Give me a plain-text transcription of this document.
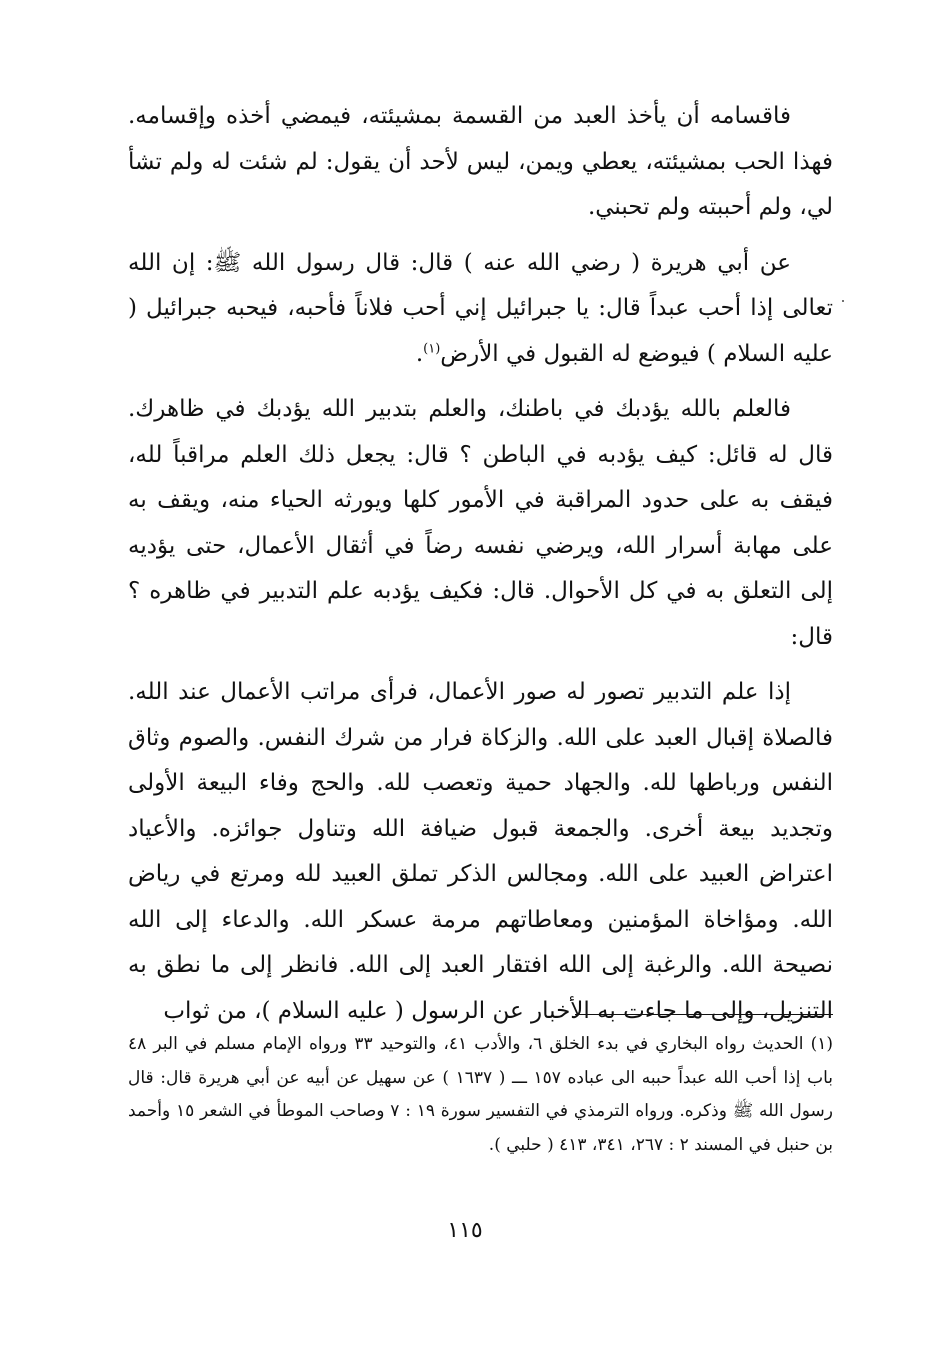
فاقسامه أن يأخذ العبد من القسمة بمشيئته، فيمضي أخذه وإقسامه. فهذا الحب بمشيئته، يعطي ويمن، ليس لأحد أن يقول: لم شئت له ولم تشأ لي، ولم أحببته ولم تحبني.

عن أبي هريرة ( رضي الله عنه ) قال: قال رسول الله ﷺ: إن الله تعالى إذا أحب عبداً قال: يا جبرائيل إني أحب فلاناً فأحبه، فيحبه جبرائيل ( عليه السلام ) فيوضع له القبول في الأرض$^{(١)}$.

فالعلم بالله يؤدبك في باطنك، والعلم بتدبير الله يؤدبك في ظاهرك. قال له قائل: كيف يؤدبه في الباطن ؟ قال: يجعل ذلك العلم مراقباً لله، فيقف به على حدود المراقبة في الأمور كلها ويورثه الحياء منه، ويقف به على مهابة أسرار الله، ويرضي نفسه رضاً في أثقال الأعمال، حتى يؤديه إلى التعلق به في كل الأحوال. قال: فكيف يؤدبه علم التدبير في ظاهره ؟ قال:

إذا علم التدبير تصور له صور الأعمال، فرأى مراتب الأعمال عند الله. فالصلاة إقبال العبد على الله. والزكاة فرار من شرك النفس. والصوم وثاق النفس ورباطها لله. والجهاد حمية وتعصب لله. والحج وفاء البيعة الأولى وتجديد بيعة أخرى. والجمعة قبول ضيافة الله وتناول جوائزه. والأعياد اعتراض العبيد على الله. ومجالس الذكر تملق العبيد لله ومرتع في رياض الله. ومؤاخاة المؤمنين ومعاطاتهم مرمة عسكر الله. والدعاء إلى الله نصيحة الله. والرغبة إلى الله افتقار العبد إلى الله. فانظر إلى ما نطق به التنزيل، وإلى ما جاءت به الأخبار عن الرسول ( عليه السلام )، من ثواب

(١) الحديث رواه البخاري في بدء الخلق ٦، والأدب ٤١، والتوحيد ٣٣ ورواه الإمام مسلم في البر ٤٨ باب إذا أحب الله عبداً حببه الى عباده ١٥٧ ـــ ( ١٦٣٧ ) عن سهيل عن أبيه عن أبي هريرة قال: قال رسول الله ﷺ وذكره. ورواه الترمذي في التفسير سورة ١٩ : ٧ وصاحب الموطأ في الشعر ١٥ وأحمد بن حنبل في المسند ٢ : ٢٦٧، ٣٤١، ٤١٣ ( حلبي ).

١١٥
